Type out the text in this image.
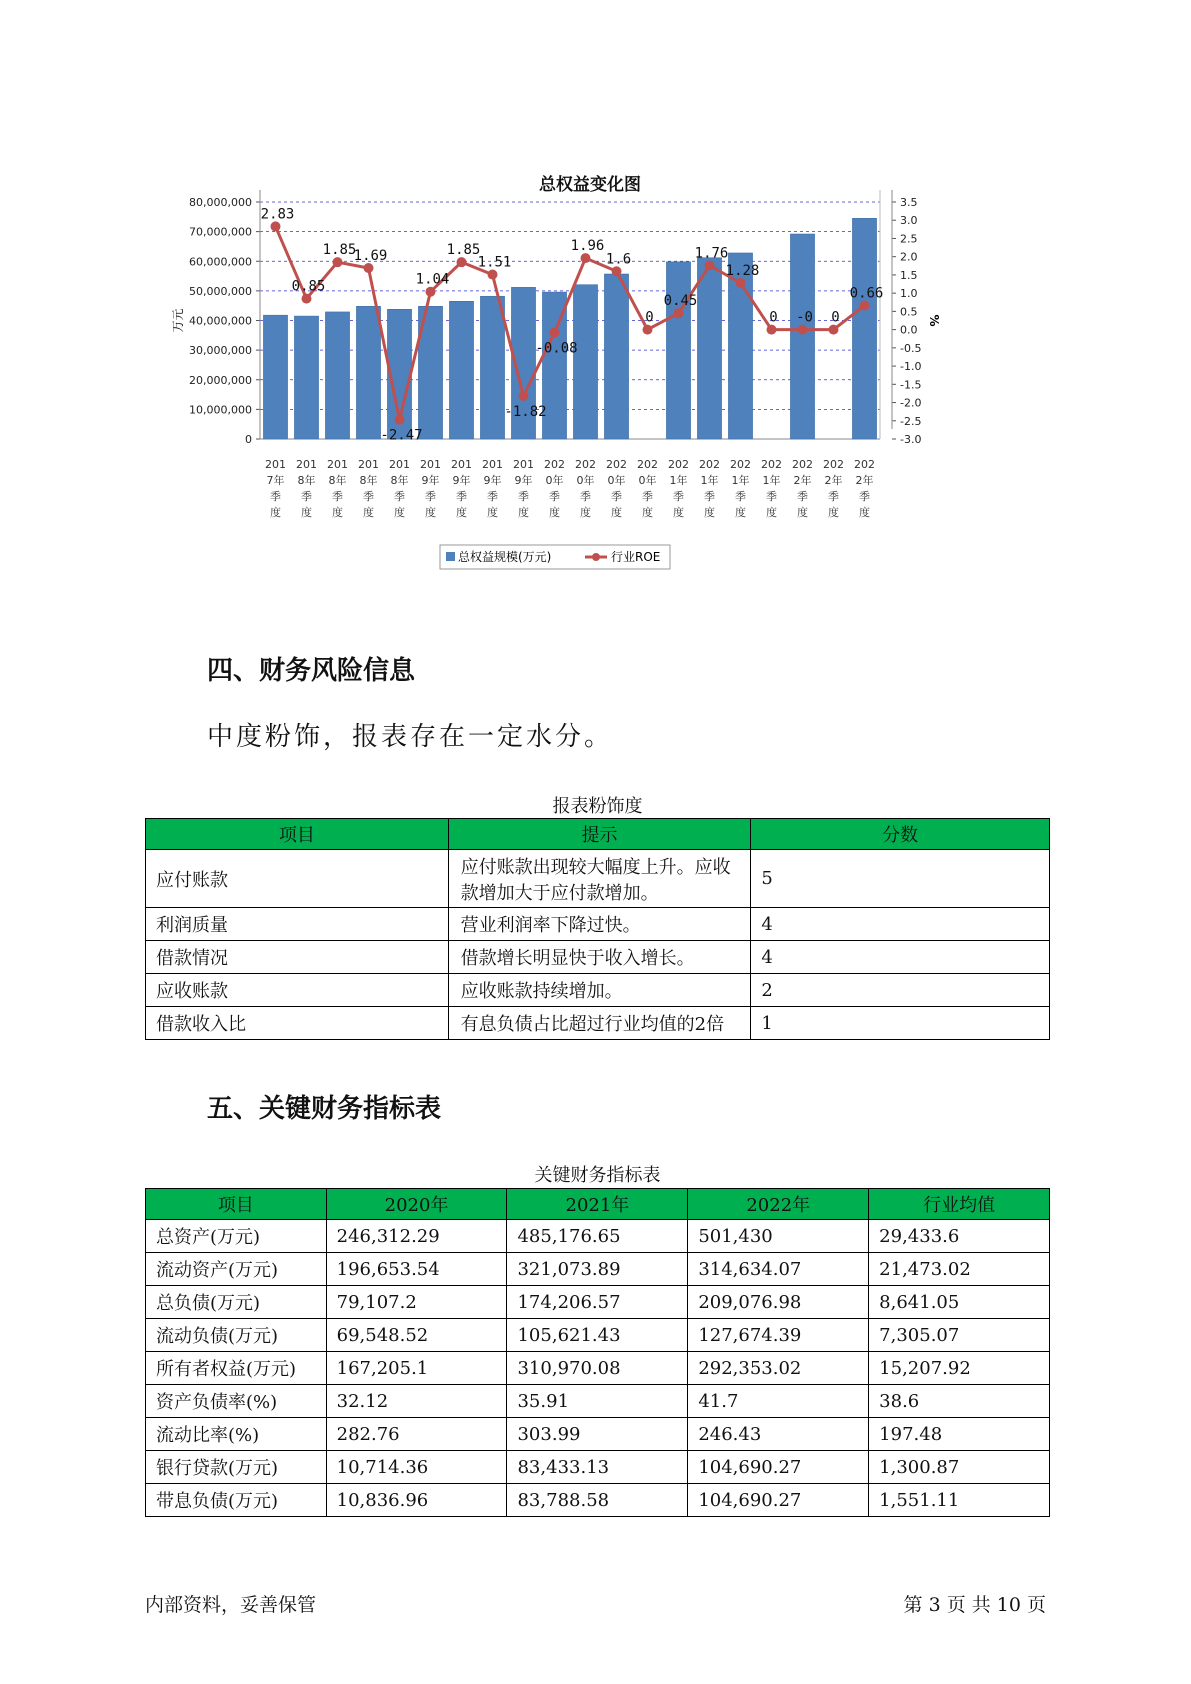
总权益变化图
0
10,000,000
20,000,000
30,000,000
40,000,000
50,000,000
60,000,000
70,000,000
80,000,000	3.5
3.0
2.5
2.0
1.5
1.0
0.5
0.0
-0.5
-1.0
-1.5
-2.0
-2.5
-3.0
万元	%
2.83
0.85
1.85
1.69
-2.47
1.04
1.85
1.51
-1.82
-0.08
1.96
1.6
0
0.45
1.76
1.28
0 -0 0
0.66
201 7年季度
201 8年季度
201 8年季度
201 8年季度
201 8年季度
201 9年季度
201 9年季度
201 9年季度
201 9年季度
202 0年季度
202 0年季度
202 0年季度
202 0年季度
202 1年季度
202 1年季度
202 1年季度
202 1年季度
202 2年季度
202 2年季度
202 2年季度
总权益规模(万元)	行业ROE
四、财务风险信息
中度粉饰，报表存在一定水分。
报表粉饰度
项目	提示	分数
应付账款	应付账款出现较大幅度上升。应收款增加大于应付款增加。	5
利润质量	营业利润率下降过快。	4
借款情况	借款增长明显快于收入增长。	4
应收账款	应收账款持续增加。	2
借款收入比	有息负债占比超过行业均值的2倍	1
五、关键财务指标表
关键财务指标表
项目	2020年	2021年	2022年	行业均值
总资产(万元)	246,312.29	485,176.65	501,430	29,433.6
流动资产(万元)	196,653.54	321,073.89	314,634.07	21,473.02
总负债(万元)	79,107.2	174,206.57	209,076.98	8,641.05
流动负债(万元)	69,548.52	105,621.43	127,674.39	7,305.07
所有者权益(万元)	167,205.1	310,970.08	292,353.02	15,207.92
资产负债率(%)	32.12	35.91	41.7	38.6
流动比率(%)	282.76	303.99	246.43	197.48
银行贷款(万元)	10,714.36	83,433.13	104,690.27	1,300.87
带息负债(万元)	10,836.96	83,788.58	104,690.27	1,551.11
内部资料，妥善保管	第 3 页 共 10 页
